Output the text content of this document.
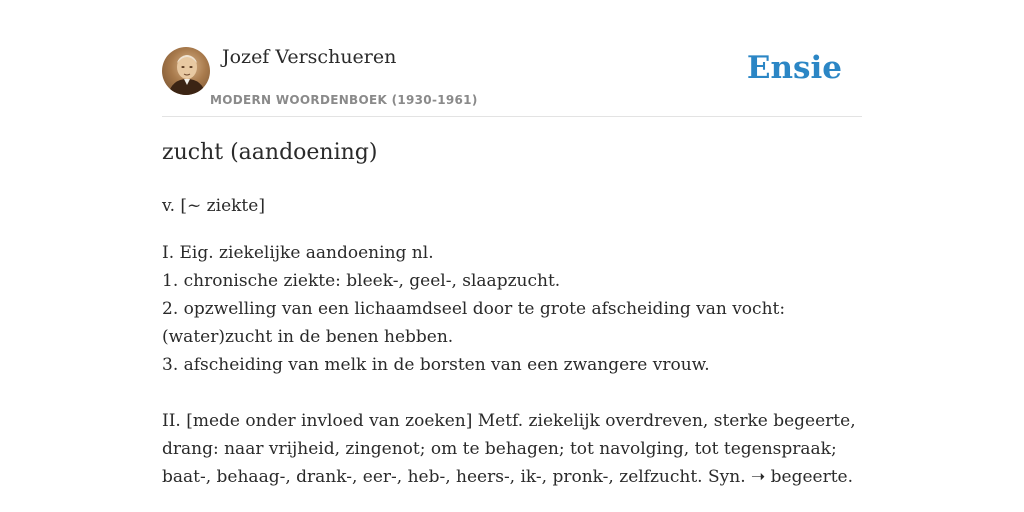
Jozef Verschueren
MODERN WOORDENBOEK (1930-1961)
Ensie
zucht (aandoening)
v. [~ ziekte]
I. Eig. ziekelijke aandoening nl.
1. chronische ziekte: bleek-, geel-, slaapzucht.
2. opzwelling van een lichaamdseel door te grote afscheiding van vocht:
(water)zucht in de benen hebben.
3. afscheiding van melk in de borsten van een zwangere vrouw.
II. [mede onder invloed van zoeken] Metf. ziekelijk overdreven, sterke begeerte,
drang: naar vrijheid, zingenot; om te behagen; tot navolging, tot tegenspraak;
baat-, behaag-, drank-, eer-, heb-, heers-, ik-, pronk-, zelfzucht. Syn. ➝ begeerte.
